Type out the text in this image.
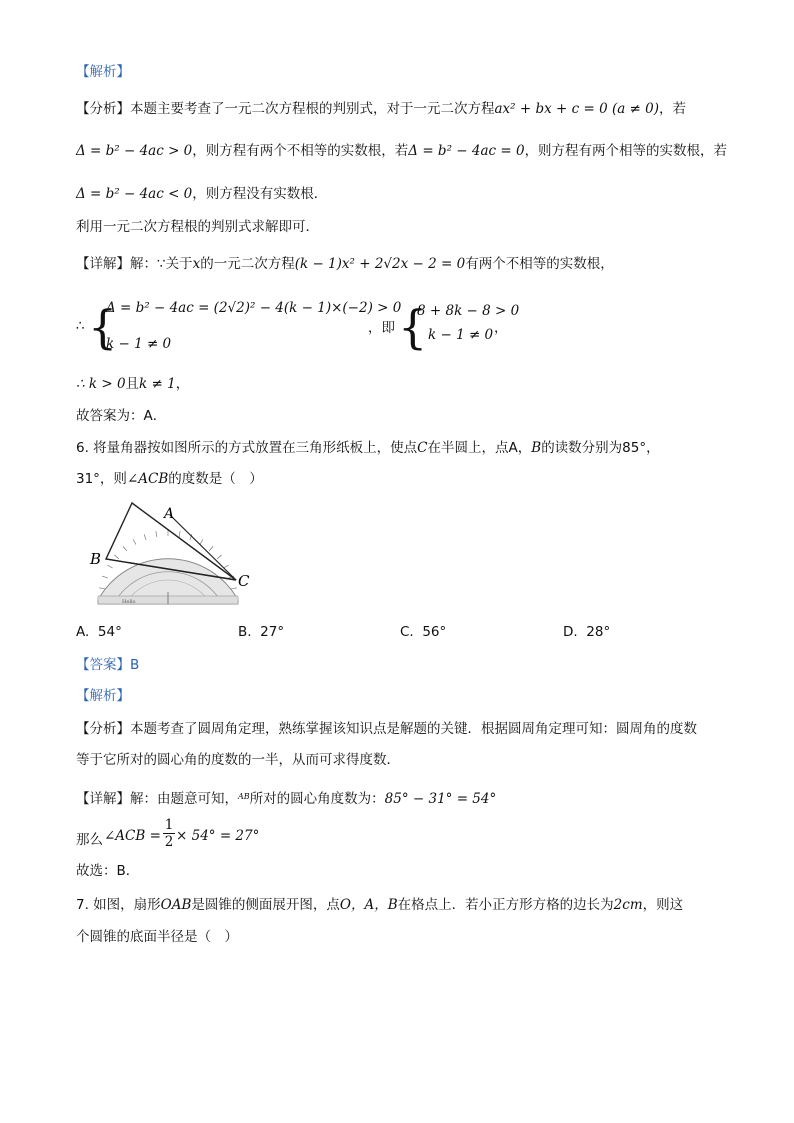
【解析】
【分析】本题主要考查了一元二次方程根的判别式，对于一元二次方程ax² + bx + c = 0 (a ≠ 0)，若
Δ = b² − 4ac > 0，则方程有两个不相等的实数根，若Δ = b² − 4ac = 0，则方程有两个相等的实数根，若
Δ = b² − 4ac < 0，则方程没有实数根．
利用一元二次方程根的判别式求解即可．
【详解】解：∵关于x的一元二次方程(k − 1)x² + 2√2x − 2 = 0有两个不相等的实数根，
∴ {
Δ = b² − 4ac = (2√2)² − 4(k − 1)×(−2) > 0
k − 1 ≠ 0
，即 {
8 + 8k − 8 > 0
k − 1 ≠ 0 ，
∴ k > 0且k ≠ 1，
故答案为：A．
6. 将量角器按如图所示的方式放置在三角形纸板上，使点C在半圆上，点A，B的读数分别为85°，
31°，则∠ACB的度数是（　）
Hello
A
B
C
A. 54°	B. 27°	C. 56°	D. 28°
【答案】B
【解析】
【分析】本题考查了圆周角定理，熟练掌握该知识点是解题的关键．根据圆周角定理可知：圆周角的度数
等于它所对的圆心角的度数的一半，从而可求得度数．
【详解】解：由题意可知，$^{AB}$所对的圆心角度数为：85° − 31° = 54°
那么 ∠ACB = $\frac{1}{2} \times 54^\circ = 27^\circ$
故选：B．
7. 如图，扇形OAB是圆锥的侧面展开图，点O，A，B在格点上．若小正方形方格的边长为2cm，则这
个圆锥的底面半径是（　）
